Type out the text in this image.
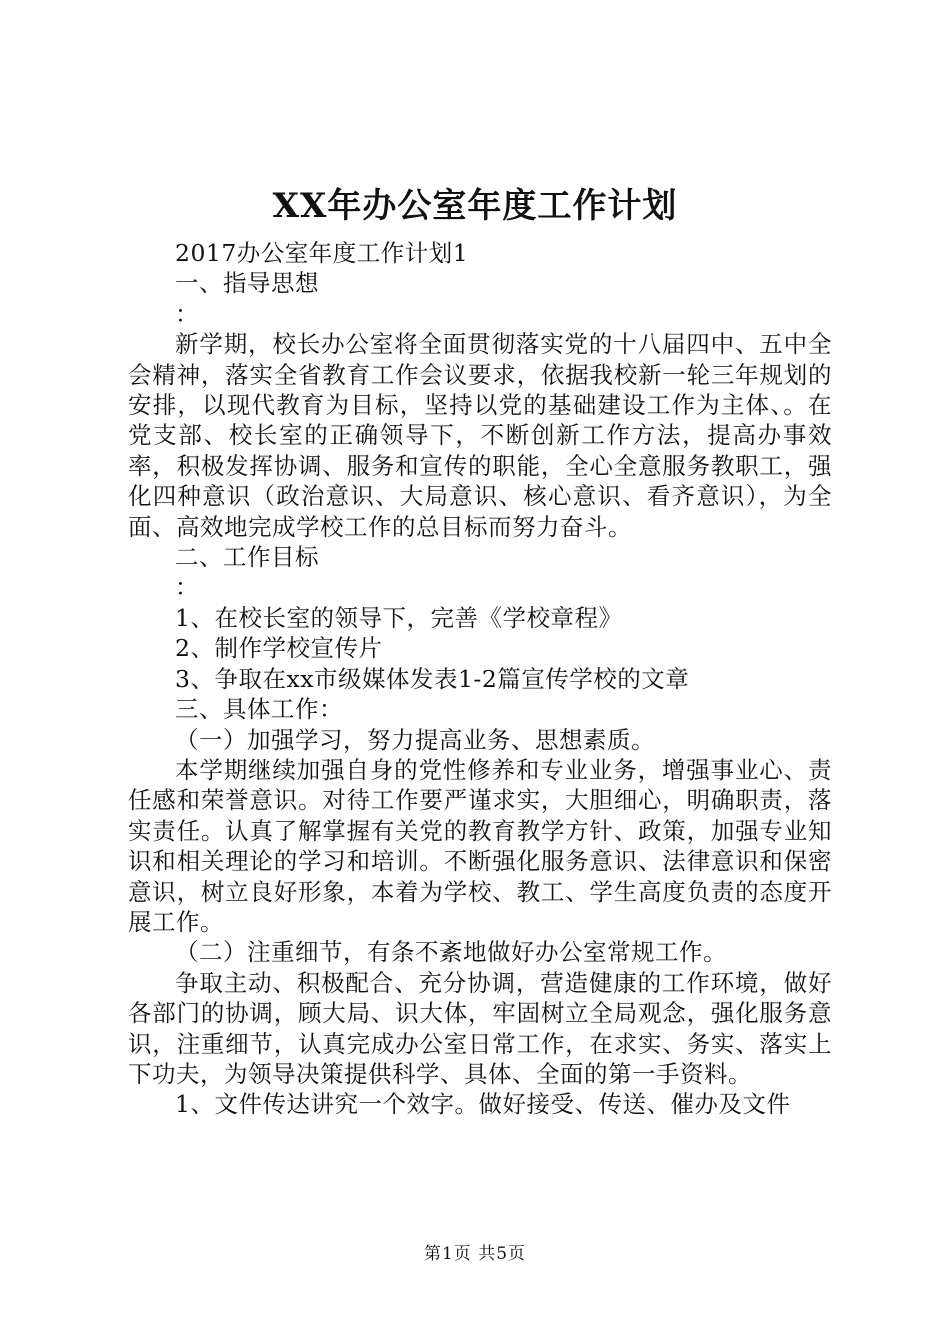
XX年办公室年度工作计划

2017办公室年度工作计划1

一、指导思想

：

新学期，校长办公室将全面贯彻落实党的十八届四中、五中全会精神，落实全省教育工作会议要求，依据我校新一轮三年规划的安排，以现代教育为目标，坚持以党的基础建设工作为主体、。在党支部、校长室的正确领导下，不断创新工作方法，提高办事效率，积极发挥协调、服务和宣传的职能，全心全意服务教职工，强化四种意识（政治意识、大局意识、核心意识、看齐意识），为全面、高效地完成学校工作的总目标而努力奋斗。

二、工作目标

：

1、在校长室的领导下，完善《学校章程》

2、制作学校宣传片

3、争取在xx市级媒体发表1-2篇宣传学校的文章

三、具体工作：

（一）加强学习，努力提高业务、思想素质。

本学期继续加强自身的党性修养和专业业务，增强事业心、责任感和荣誉意识。对待工作要严谨求实，大胆细心，明确职责，落实责任。认真了解掌握有关党的教育教学方针、政策，加强专业知识和相关理论的学习和培训。不断强化服务意识、法律意识和保密意识，树立良好形象，本着为学校、教工、学生高度负责的态度开展工作。

（二）注重细节，有条不紊地做好办公室常规工作。

争取主动、积极配合、充分协调，营造健康的工作环境，做好各部门的协调，顾大局、识大体，牢固树立全局观念，强化服务意识，注重细节，认真完成办公室日常工作，在求实、务实、落实上下功夫，为领导决策提供科学、具体、全面的第一手资料。

1、文件传达讲究一个效字。做好接受、传送、催办及文件

第1页 共5页
